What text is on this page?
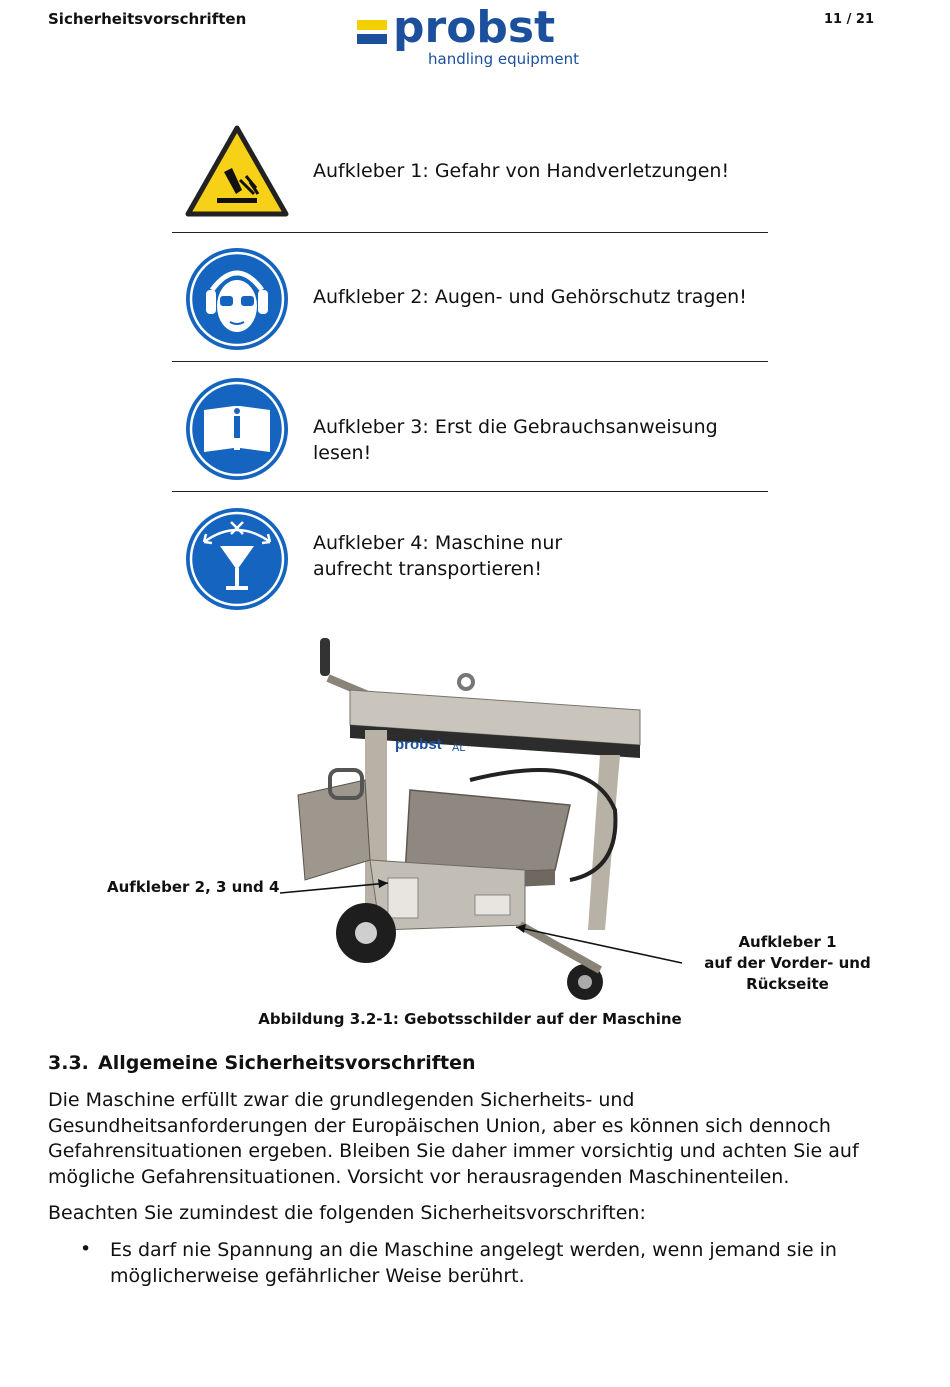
Sicherheitsvorschriften	probst
handling equipment
11 / 21
Aufkleber 1: Gefahr von Handverletzungen!
Aufkleber 2: Augen- und Gehörschutz tragen!
Aufkleber 3: Erst die Gebrauchsanweisung lesen!
Aufkleber 4: Maschine nur aufrecht transportieren!
probst AL
Aufkleber 2, 3 und 4
Aufkleber 1
auf der Vorder- und
Rückseite
Abbildung 3.2-1: Gebotsschilder auf der Maschine
3.3. Allgemeine Sicherheitsvorschriften
Die Maschine erfüllt zwar die grundlegenden Sicherheits- und Gesundheitsanforderungen der Europäischen Union, aber es können sich dennoch Gefahrensituationen ergeben. Bleiben Sie daher immer vorsichtig und achten Sie auf mögliche Gefahrensituationen. Vorsicht vor herausragenden Maschinenteilen.
Beachten Sie zumindest die folgenden Sicherheitsvorschriften:
• Es darf nie Spannung an die Maschine angelegt werden, wenn jemand sie in möglicherweise gefährlicher Weise berührt.
